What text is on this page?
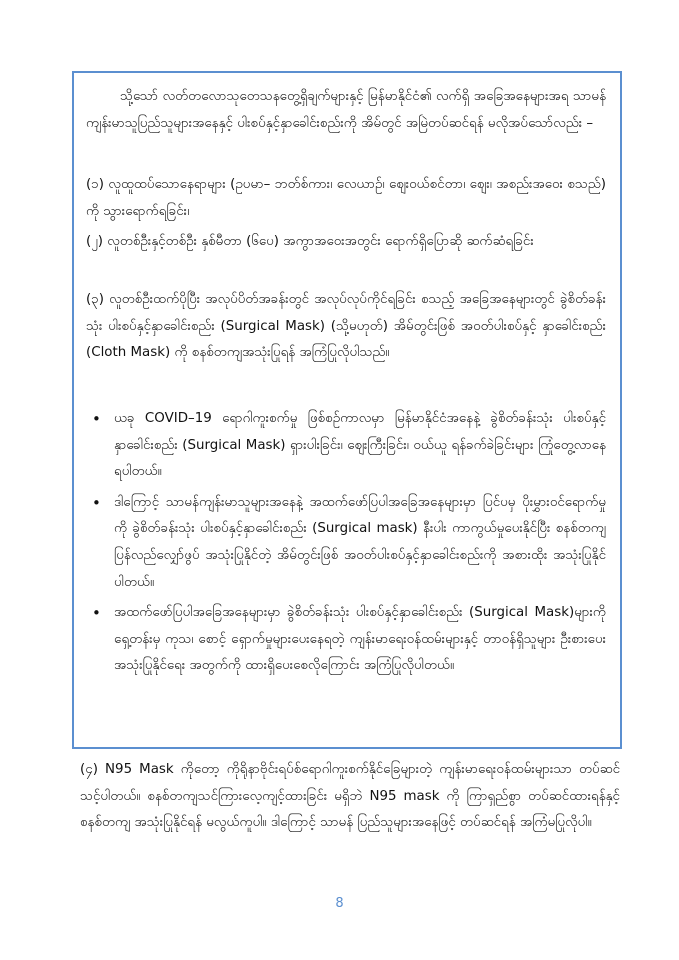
သို့သော် လတ်တလောသုတေသနတွေ့ရှိချက်များနှင့် မြန်မာနိုင်ငံ၏ လက်ရှိ အခြေအနေများအရ သာမန်ကျန်းမာသူပြည်သူများအနေနှင့် ပါးစပ်နှင့်နှာခေါင်းစည်းကို အိမ်တွင် အမြဲတပ်ဆင်ရန် မလိုအပ်သော်လည်း –
(၁) လူထူထပ်သောနေရာများ (ဥပမာ– ဘတ်စ်ကား၊ လေယာဉ်၊ ဈေးဝယ်စင်တာ၊ ဈေး၊ အစည်းအဝေး စသည်) ကို သွားရောက်ရခြင်း၊
(၂) လူတစ်ဦးနှင့်တစ်ဦး နှစ်မီတာ (၆ပေ) အကွာအဝေးအတွင်း ရောက်ရှိပြောဆို ဆက်ဆံရခြင်း
(၃) လူတစ်ဦးထက်ပိုပြီး အလုပ်ပိတ်အခန်းတွင် အလုပ်လုပ်ကိုင်ရခြင်း စသည့် အခြေအနေများတွင် ခွဲစိတ်ခန်းသုံး ပါးစပ်နှင့်နှာခေါင်းစည်း (Surgical Mask) (သို့မဟုတ်) အိမ်တွင်းဖြစ် အဝတ်ပါးစပ်နှင့် နှာခေါင်းစည်း (Cloth Mask) ကို စနစ်တကျအသုံးပြုရန် အကြံပြုလိုပါသည်။
• ယခု COVID–19 ရောဂါကူးစက်မှု ဖြစ်စဉ်ကာလမှာ မြန်မာနိုင်ငံအနေနဲ့ ခွဲစိတ်ခန်းသုံး ပါးစပ်နှင့်နှာခေါင်းစည်း (Surgical Mask) ရှားပါးခြင်း၊ ဈေးကြီးခြင်း၊ ဝယ်ယူ ရန်ခက်ခဲခြင်းများ ကြုံတွေ့လာနေရပါတယ်။
• ဒါကြောင့် သာမန်ကျန်းမာသူများအနေနဲ့ အထက်ဖော်ပြပါအခြေအနေများမှာ ပြင်ပမှ ပိုးမွှားဝင်ရောက်မှုကို ခွဲစိတ်ခန်းသုံး ပါးစပ်နှင့်နှာခေါင်းစည်း (Surgical mask) နီးပါး ကာကွယ်မှုပေးနိုင်ပြီး စနစ်တကျ ပြန်လည်လျှော်ဖွပ် အသုံးပြုနိုင်တဲ့ အိမ်တွင်းဖြစ် အဝတ်ပါးစပ်နှင့်နှာခေါင်းစည်းကို အစားထိုး အသုံးပြုနိုင်ပါတယ်။
• အထက်ဖော်ပြပါအခြေအနေများမှာ ခွဲစိတ်ခန်းသုံး ပါးစပ်နှင့်နှာခေါင်းစည်း (Surgical Mask)များကို ရှေ့တန်းမှ ကုသ၊ စောင့် ရှောက်မှုများပေးနေရတဲ့ ကျန်းမာရေးဝန်ထမ်းများနှင့် တာဝန်ရှိသူများ ဦးစားပေးအသုံးပြုနိုင်ရေး အတွက်ကို ထားရှိပေးစေလိုကြောင်း အကြံပြုလိုပါတယ်။
(၄) N95 Mask ကိုတော့ ကိုရိုနာဗိုင်းရပ်စ်ရောဂါကူးစက်နိုင်ခြေများတဲ့ ကျန်းမာရေးဝန်ထမ်းများသာ တပ်ဆင်သင့်ပါတယ်။ စနစ်တကျသင်ကြားလေ့ကျင့်ထားခြင်း မရှိဘဲ N95 mask ကို ကြာရှည်စွာ တပ်ဆင်ထားရန်နှင့် စနစ်တကျ အသုံးပြုနိုင်ရန် မလွယ်ကူပါ။ ဒါကြောင့် သာမန် ပြည်သူများအနေဖြင့် တပ်ဆင်ရန် အကြံမပြုလိုပါ။
8
